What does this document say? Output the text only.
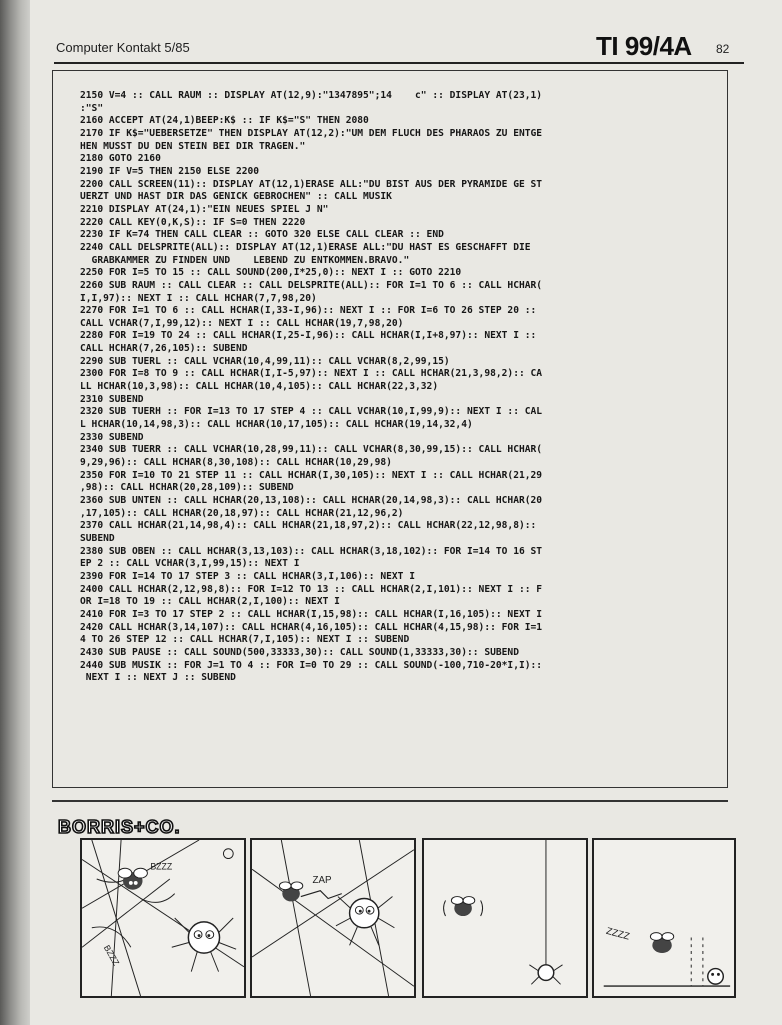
Computer Kontakt 5/85	TI 99/4A 82
2150 V=4 :: CALL RAUM :: DISPLAY AT(12,9):"1347895";14    c" :: DISPLAY AT(23,1)
:"S"
2160 ACCEPT AT(24,1)BEEP:K$ :: IF K$="S" THEN 2080
2170 IF K$="UEBERSETZE" THEN DISPLAY AT(12,2):"UM DEM FLUCH DES PHARAOS ZU ENTGE
HEN MUSST DU DEN STEIN BEI DIR TRAGEN."
2180 GOTO 2160
2190 IF V=5 THEN 2150 ELSE 2200
2200 CALL SCREEN(11):: DISPLAY AT(12,1)ERASE ALL:"DU BIST AUS DER PYRAMIDE GE ST
UERZT UND HAST DIR DAS GENICK GEBROCHEN" :: CALL MUSIK
2210 DISPLAY AT(24,1):"EIN NEUES SPIEL J N"
2220 CALL KEY(0,K,S):: IF S=0 THEN 2220
2230 IF K=74 THEN CALL CLEAR :: GOTO 320 ELSE CALL CLEAR :: END
2240 CALL DELSPRITE(ALL):: DISPLAY AT(12,1)ERASE ALL:"DU HAST ES GESCHAFFT DIE
GRABKAMMER ZU FINDEN UND    LEBEND ZU ENTKOMMEN.BRAVO."
2250 FOR I=5 TO 15 :: CALL SOUND(200,I*25,0):: NEXT I :: GOTO 2210
2260 SUB RAUM :: CALL CLEAR :: CALL DELSPRITE(ALL):: FOR I=1 TO 6 :: CALL HCHAR(
I,I,97):: NEXT I :: CALL HCHAR(7,7,98,20)
2270 FOR I=1 TO 6 :: CALL HCHAR(I,33-I,96):: NEXT I :: FOR I=6 TO 26 STEP 20 ::
CALL VCHAR(7,I,99,12):: NEXT I :: CALL HCHAR(19,7,98,20)
2280 FOR I=19 TO 24 :: CALL HCHAR(I,25-I,96):: CALL HCHAR(I,I+8,97):: NEXT I ::
CALL HCHAR(7,26,105):: SUBEND
2290 SUB TUERL :: CALL VCHAR(10,4,99,11):: CALL VCHAR(8,2,99,15)
2300 FOR I=8 TO 9 :: CALL HCHAR(I,I-5,97):: NEXT I :: CALL HCHAR(21,3,98,2):: CA
LL HCHAR(10,3,98):: CALL HCHAR(10,4,105):: CALL HCHAR(22,3,32)
2310 SUBEND
2320 SUB TUERH :: FOR I=13 TO 17 STEP 4 :: CALL VCHAR(10,I,99,9):: NEXT I :: CAL
L HCHAR(10,14,98,3):: CALL HCHAR(10,17,105):: CALL HCHAR(19,14,32,4)
2330 SUBEND
2340 SUB TUERR :: CALL VCHAR(10,28,99,11):: CALL VCHAR(8,30,99,15):: CALL HCHAR(
9,29,96):: CALL HCHAR(8,30,108):: CALL HCHAR(10,29,98)
2350 FOR I=10 TO 21 STEP 11 :: CALL HCHAR(I,30,105):: NEXT I :: CALL HCHAR(21,29
,98):: CALL HCHAR(20,28,109):: SUBEND
2360 SUB UNTEN :: CALL HCHAR(20,13,108):: CALL HCHAR(20,14,98,3):: CALL HCHAR(20
,17,105):: CALL HCHAR(20,18,97):: CALL HCHAR(21,12,96,2)
2370 CALL HCHAR(21,14,98,4):: CALL HCHAR(21,18,97,2):: CALL HCHAR(22,12,98,8)::
SUBEND
2380 SUB OBEN :: CALL HCHAR(3,13,103):: CALL HCHAR(3,18,102):: FOR I=14 TO 16 ST
EP 2 :: CALL VCHAR(3,I,99,15):: NEXT I
2390 FOR I=14 TO 17 STEP 3 :: CALL HCHAR(3,I,106):: NEXT I
2400 CALL HCHAR(2,12,98,8):: FOR I=12 TO 13 :: CALL HCHAR(2,I,101):: NEXT I :: F
OR I=18 TO 19 :: CALL HCHAR(2,I,100):: NEXT I
2410 FOR I=3 TO 17 STEP 2 :: CALL HCHAR(I,15,98):: CALL HCHAR(I,16,105):: NEXT I
2420 CALL HCHAR(3,14,107):: CALL HCHAR(4,16,105):: CALL HCHAR(4,15,98):: FOR I=1
4 TO 26 STEP 12 :: CALL HCHAR(7,I,105):: NEXT I :: SUBEND
2430 SUB PAUSE :: CALL SOUND(500,33333,30):: CALL SOUND(1,33333,30):: SUBEND
2440 SUB MUSIK :: FOR J=1 TO 4 :: FOR I=0 TO 29 :: CALL SOUND(-100,710-20*I,I)::
NEXT I :: NEXT J :: SUBEND
BORRIS+CO.
BZZZ
BZZZ
ZAP
ZZZZ
